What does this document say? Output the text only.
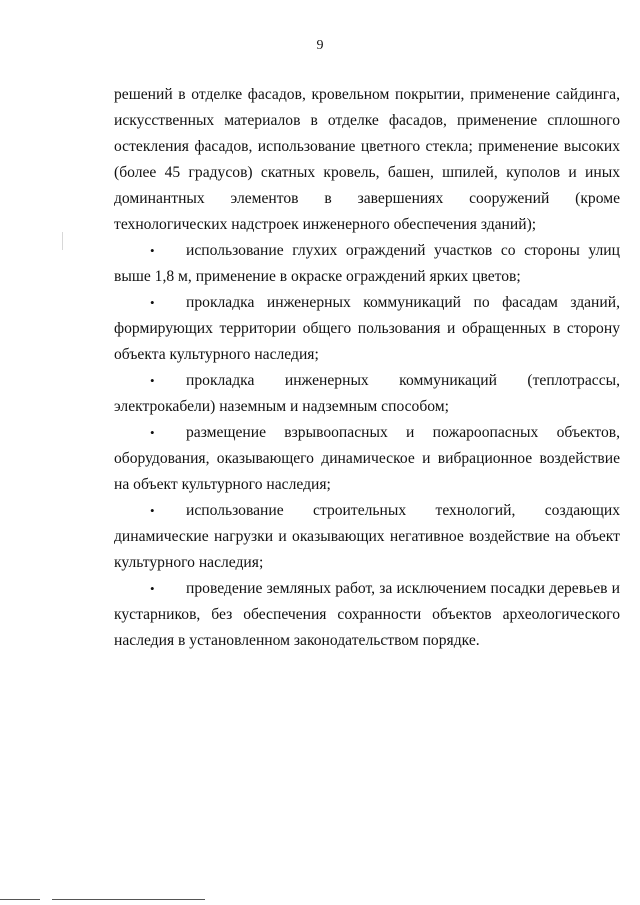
9

решений в отделке фасадов, кровельном покрытии, применение сайдинга, искусственных материалов в отделке фасадов, применение сплошного остекления фасадов, использование цветного стекла; применение высоких (более 45 градусов) скатных кровель, башен, шпилей, куполов и иных доминантных элементов в завершениях сооружений (кроме технологических надстроек инженерного обеспечения зданий);

• использование глухих ограждений участков со стороны улиц выше 1,8 м, применение в окраске ограждений ярких цветов;

• прокладка инженерных коммуникаций по фасадам зданий, формирующих территории общего пользования и обращенных в сторону объекта культурного наследия;

• прокладка инженерных коммуникаций (теплотрассы, электрокабели) наземным и надземным способом;

• размещение взрывоопасных и пожароопасных объектов, оборудования, оказывающего динамическое и вибрационное воздействие на объект культурного наследия;

• использование строительных технологий, создающих динамические нагрузки и оказывающих негативное воздействие на объект культурного наследия;

• проведение земляных работ, за исключением посадки деревьев и кустарников, без обеспечения сохранности объектов археологического наследия в установленном законодательством порядке.
